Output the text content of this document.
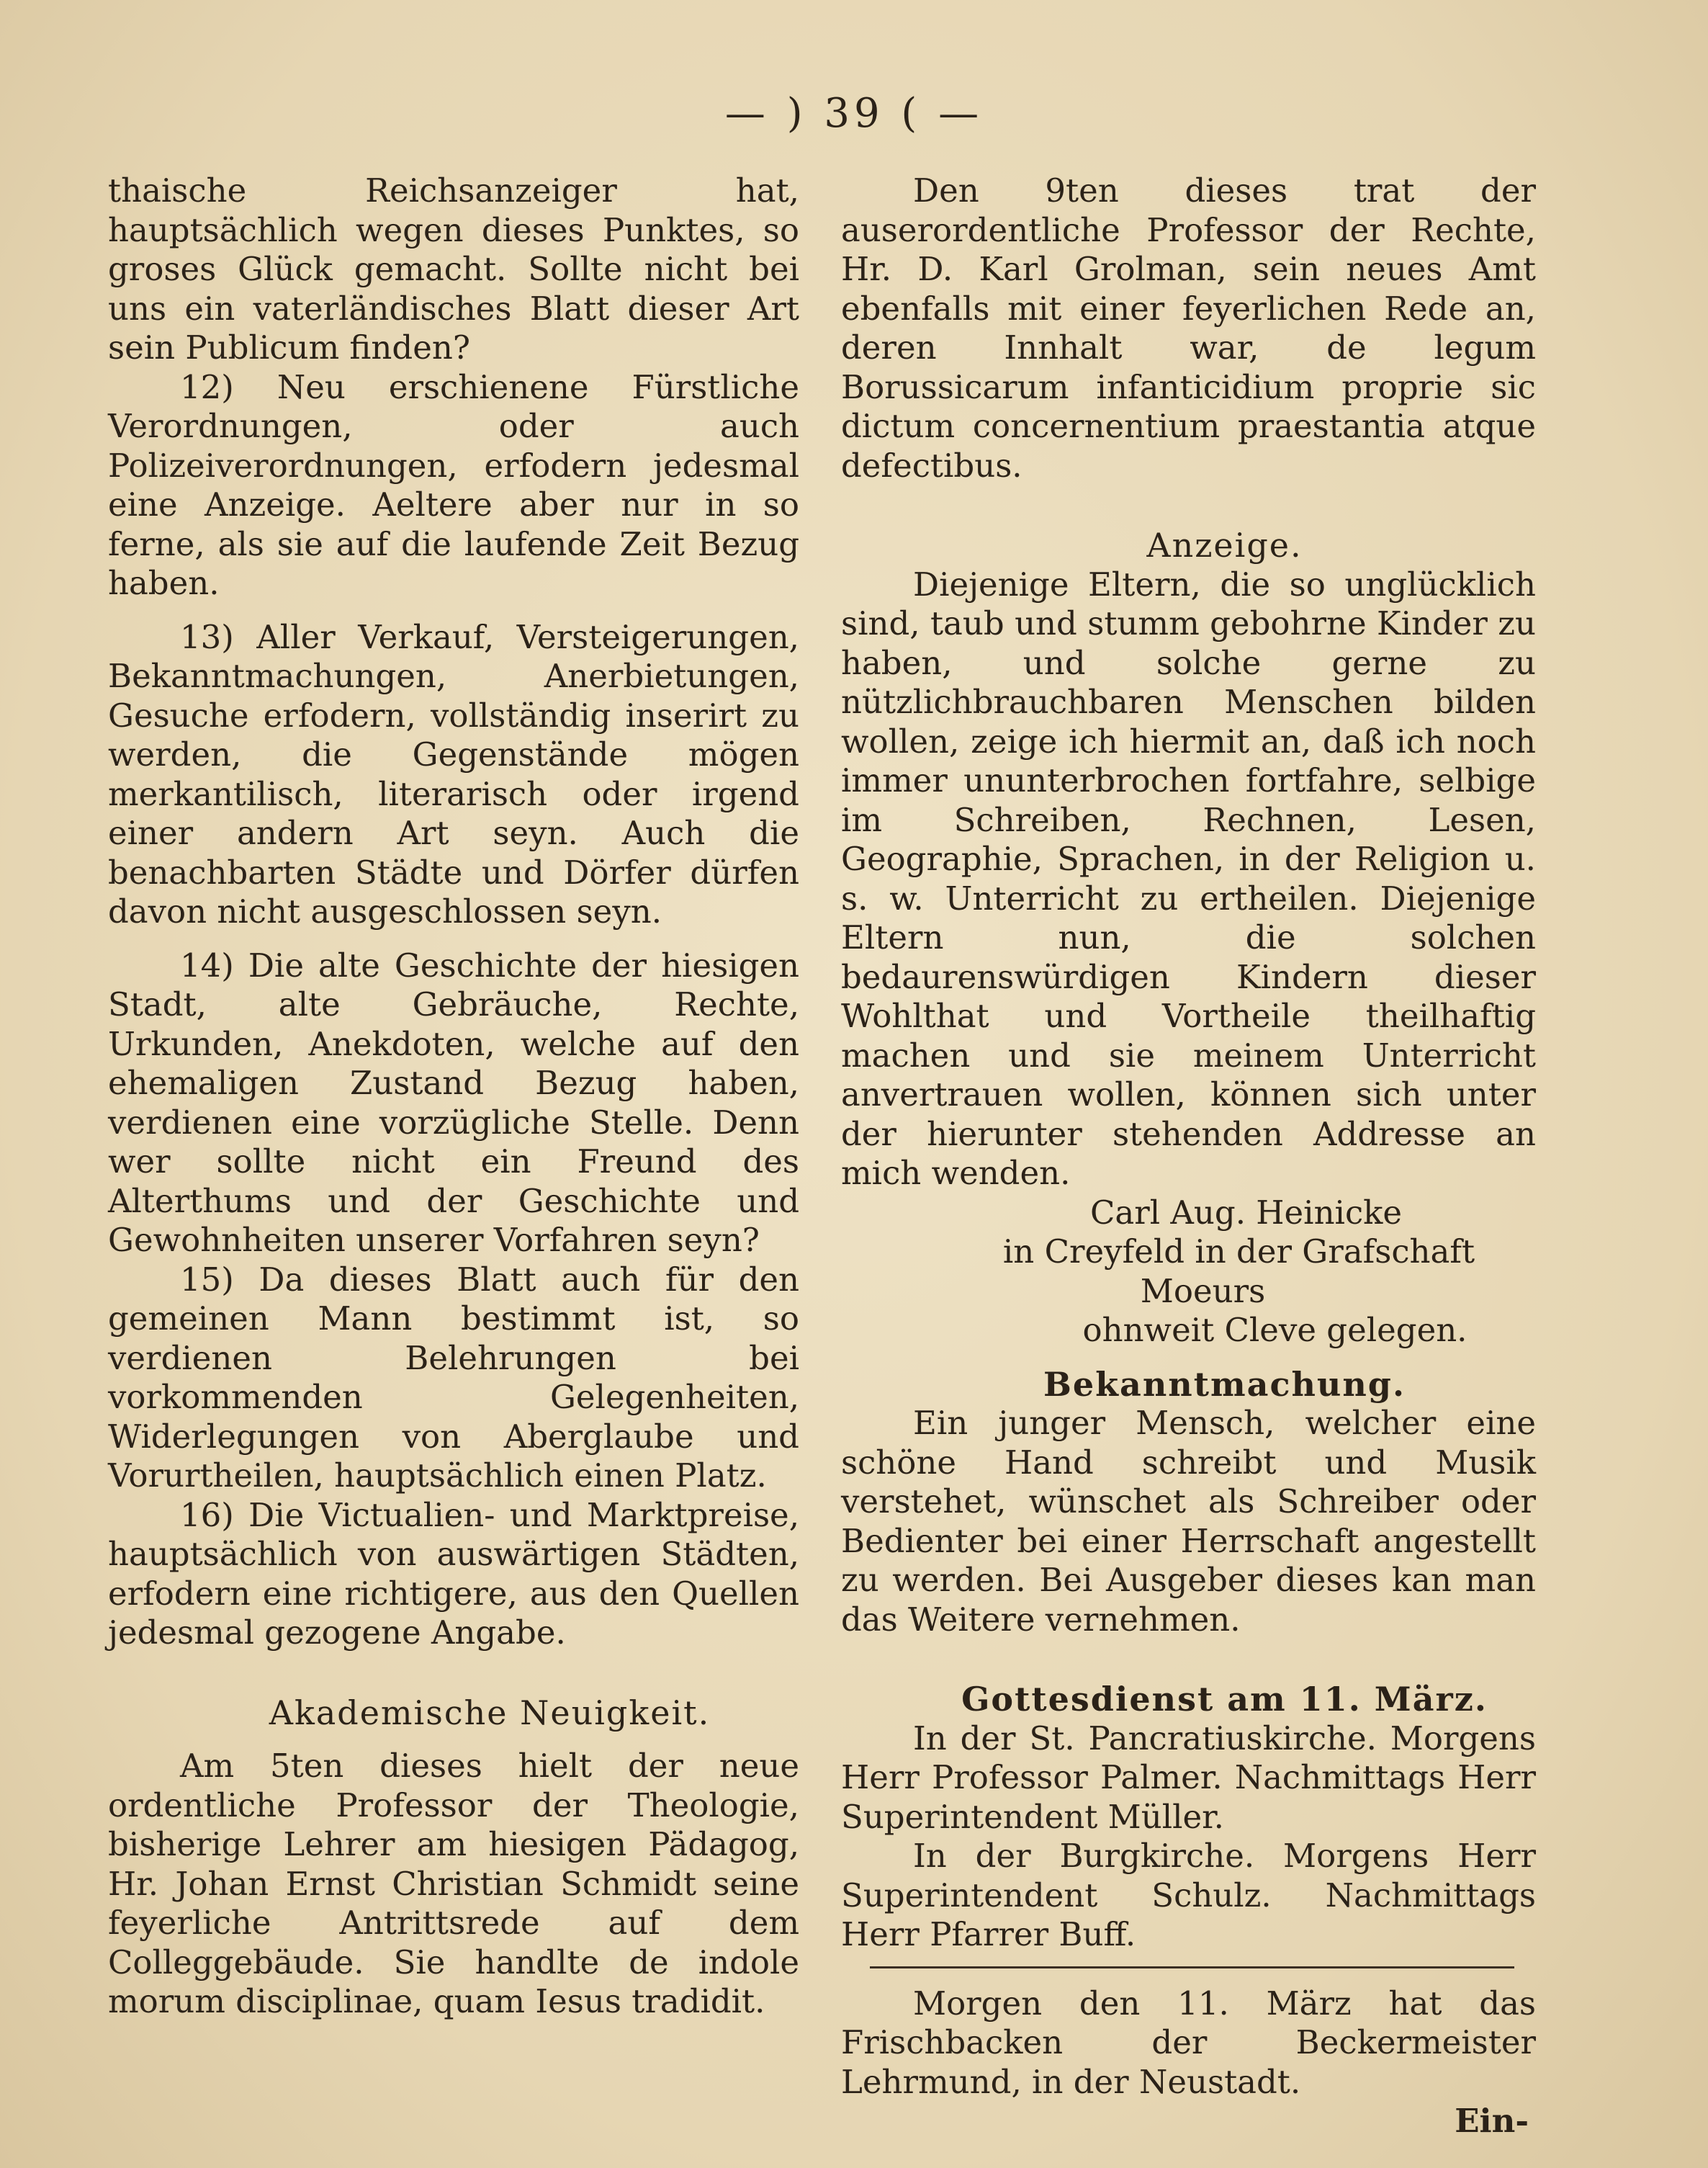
— ) 39 ( —

thaische Reichsanzeiger hat, hauptsächlich wegen dieses Punktes, so groses Glück gemacht. Sollte nicht bei uns ein vaterländisches Blatt dieser Art sein Publicum finden?

12) Neu erschienene Fürstliche Verordnungen, oder auch Polizeiverordnungen, erfodern jedesmal eine Anzeige. Aeltere aber nur in so ferne, als sie auf die laufende Zeit Bezug haben.

13) Aller Verkauf, Versteigerungen, Bekanntmachungen, Anerbietungen, Gesuche erfodern, vollständig inserirt zu werden, die Gegenstände mögen merkantilisch, literarisch oder irgend einer andern Art seyn. Auch die benachbarten Städte und Dörfer dürfen davon nicht ausgeschlossen seyn.

14) Die alte Geschichte der hiesigen Stadt, alte Gebräuche, Rechte, Urkunden, Anekdoten, welche auf den ehemaligen Zustand Bezug haben, verdienen eine vorzügliche Stelle. Denn wer sollte nicht ein Freund des Alterthums und der Geschichte und Gewohnheiten unserer Vorfahren seyn?

15) Da dieses Blatt auch für den gemeinen Mann bestimmt ist, so verdienen Belehrungen bei vorkommenden Gelegenheiten, Widerlegungen von Aberglaube und Vorurtheilen, hauptsächlich einen Platz.

16) Die Victualien- und Marktpreise, hauptsächlich von auswärtigen Städten, erfodern eine richtigere, aus den Quellen jedesmal gezogene Angabe.

Akademische Neuigkeit.

Am 5ten dieses hielt der neue ordentliche Professor der Theologie, bisherige Lehrer am hiesigen Pädagog, Hr. Johan Ernst Christian Schmidt seine feyerliche Antrittsrede auf dem Colleggebäude. Sie handlte de indole morum disciplinae, quam Iesus tradidit.

Den 9ten dieses trat der auserordentliche Professor der Rechte, Hr. D. Karl Grolman, sein neues Amt ebenfalls mit einer feyerlichen Rede an, deren Innhalt war, de legum Borussicarum infanticidium proprie sic dictum concernentium praestantia atque defectibus.

Anzeige.

Diejenige Eltern, die so unglücklich sind, taub und stumm gebohrne Kinder zu haben, und solche gerne zu nützlichbrauchbaren Menschen bilden wollen, zeige ich hiermit an, daß ich noch immer ununterbrochen fortfahre, selbige im Schreiben, Rechnen, Lesen, Geographie, Sprachen, in der Religion u. s. w. Unterricht zu ertheilen. Diejenige Eltern nun, die solchen bedaurenswürdigen Kindern dieser Wohlthat und Vortheile theilhaftig machen und sie meinem Unterricht anvertrauen wollen, können sich unter der hierunter stehenden Addresse an mich wenden.

Carl Aug. Heinicke

in Creyfeld in der Grafschaft Moeurs

ohnweit Cleve gelegen.

Bekanntmachung.

Ein junger Mensch, welcher eine schöne Hand schreibt und Musik verstehet, wünschet als Schreiber oder Bedienter bei einer Herrschaft angestellt zu werden. Bei Ausgeber dieses kan man das Weitere vernehmen.

Gottesdienst am 11. März.

In der St. Pancratiuskirche. Morgens Herr Professor Palmer. Nachmittags Herr Superintendent Müller.

In der Burgkirche. Morgens Herr Superintendent Schulz. Nachmittags Herr Pfarrer Buff.

Morgen den 11. März hat das Frischbacken der Beckermeister Lehrmund, in der Neustadt.

Ein-
